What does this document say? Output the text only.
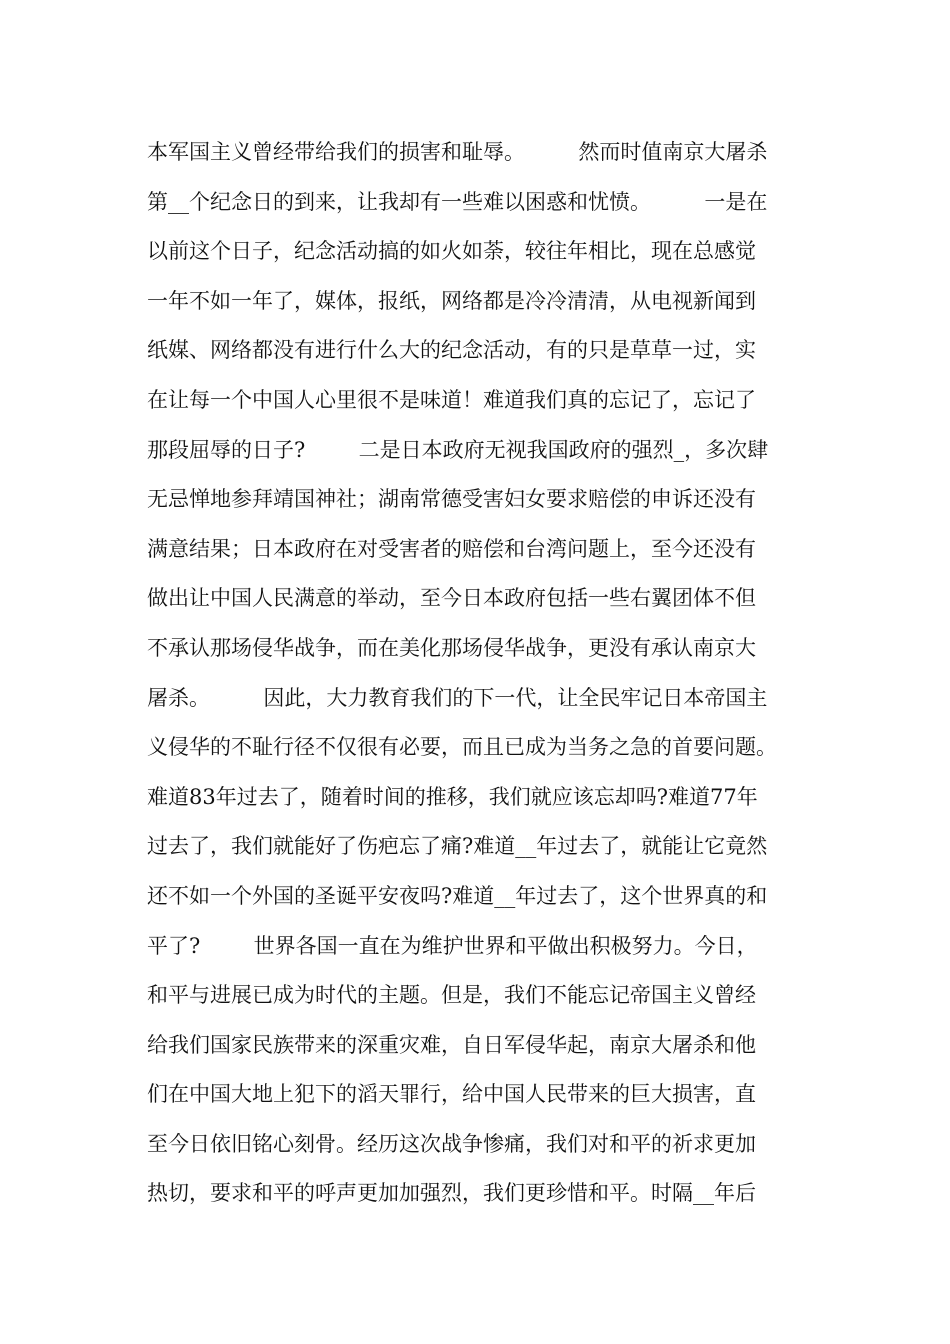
本军国主义曾经带给我们的损害和耻辱。        然而时值南京大屠杀
第__个纪念日的到来，让我却有一些难以困惑和忧愤。        一是在
以前这个日子，纪念活动搞的如火如荼，较往年相比，现在总感觉
一年不如一年了，媒体，报纸，网络都是冷冷清清，从电视新闻到
纸媒、网络都没有进行什么大的纪念活动，有的只是草草一过，实
在让每一个中国人心里很不是味道！难道我们真的忘记了，忘记了
那段屈辱的日子?        二是日本政府无视我国政府的强烈_，多次肆
无忌惮地参拜靖国神社；湖南常德受害妇女要求赔偿的申诉还没有
满意结果；日本政府在对受害者的赔偿和台湾问题上，至今还没有
做出让中国人民满意的举动，至今日本政府包括一些右翼团体不但
不承认那场侵华战争，而在美化那场侵华战争，更没有承认南京大
屠杀。        因此，大力教育我们的下一代，让全民牢记日本帝国主
义侵华的不耻行径不仅很有必要，而且已成为当务之急的首要问题。
难道83年过去了，随着时间的推移，我们就应该忘却吗?难道77年
过去了，我们就能好了伤疤忘了痛?难道__年过去了，就能让它竟然
还不如一个外国的圣诞平安夜吗?难道__年过去了，这个世界真的和
平了?        世界各国一直在为维护世界和平做出积极努力。今日，
和平与进展已成为时代的主题。但是，我们不能忘记帝国主义曾经
给我们国家民族带来的深重灾难，自日军侵华起，南京大屠杀和他
们在中国大地上犯下的滔天罪行，给中国人民带来的巨大损害，直
至今日依旧铭心刻骨。经历这次战争惨痛，我们对和平的祈求更加
热切，要求和平的呼声更加加强烈，我们更珍惜和平。时隔__年后
